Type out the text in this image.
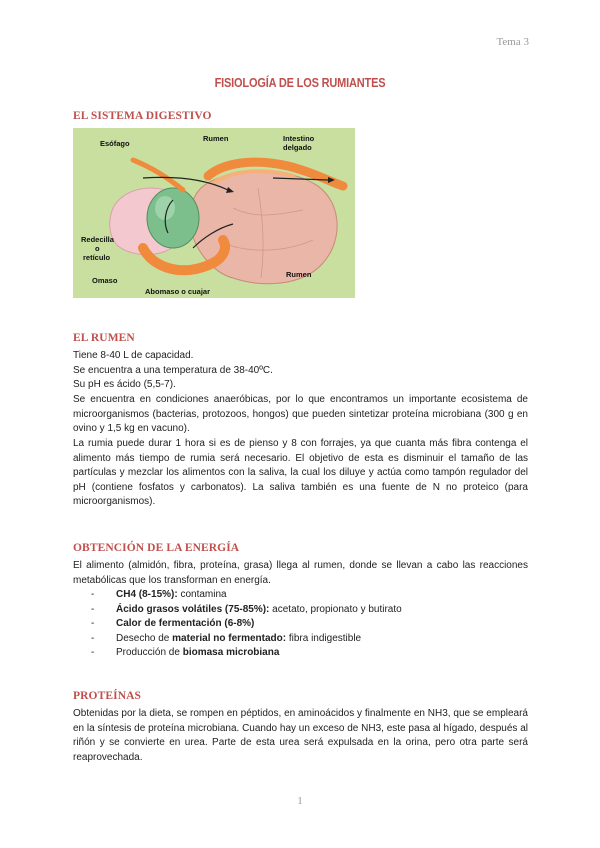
Tema 3
FISIOLOGÍA DE LOS RUMIANTES
EL SISTEMA DIGESTIVO
Esófago
Rumen	Intestino
delgado
Redecilla
o
retículo
Omaso
Abomaso o cuajar
Rumen
EL RUMEN
Tiene 8-40 L de capacidad.
Se encuentra a una temperatura de 38-40ºC.
Su pH es ácido (5,5-7).

Se encuentra en condiciones anaeróbicas, por lo que encontramos un importante ecosistema de microorganismos (bacterias, protozoos, hongos) que pueden sintetizar proteína microbiana (300 g en ovino y 1,5 kg en vacuno).

La rumia puede durar 1 hora si es de pienso y 8 con forrajes, ya que cuanta más fibra contenga el alimento más tiempo de rumia será necesario. El objetivo de esta es disminuir el tamaño de las partículas y mezclar los alimentos con la saliva, la cual los diluye y actúa como tampón regulador del pH (contiene fosfatos y carbonatos). La saliva también es una fuente de N no proteico (para microorganismos).

OBTENCIÓN DE LA ENERGÍA

El alimento (almidón, fibra, proteína, grasa) llega al rumen, donde se llevan a cabo las reacciones metabólicas que los transforman en energía.

- CH4 (8-15%): contamina
- Ácido grasos volátiles (75-85%): acetato, propionato y butirato
- Calor de fermentación (6-8%)
- Desecho de material no fermentado: fibra indigestible
- Producción de biomasa microbiana
PROTEÍNAS

Obtenidas por la dieta, se rompen en péptidos, en aminoácidos y finalmente en NH3, que se empleará en la síntesis de proteína microbiana. Cuando hay un exceso de NH3, este pasa al hígado, después al riñón y se convierte en urea. Parte de esta urea será expulsada en la orina, pero otra parte será reaprovechada.

1
